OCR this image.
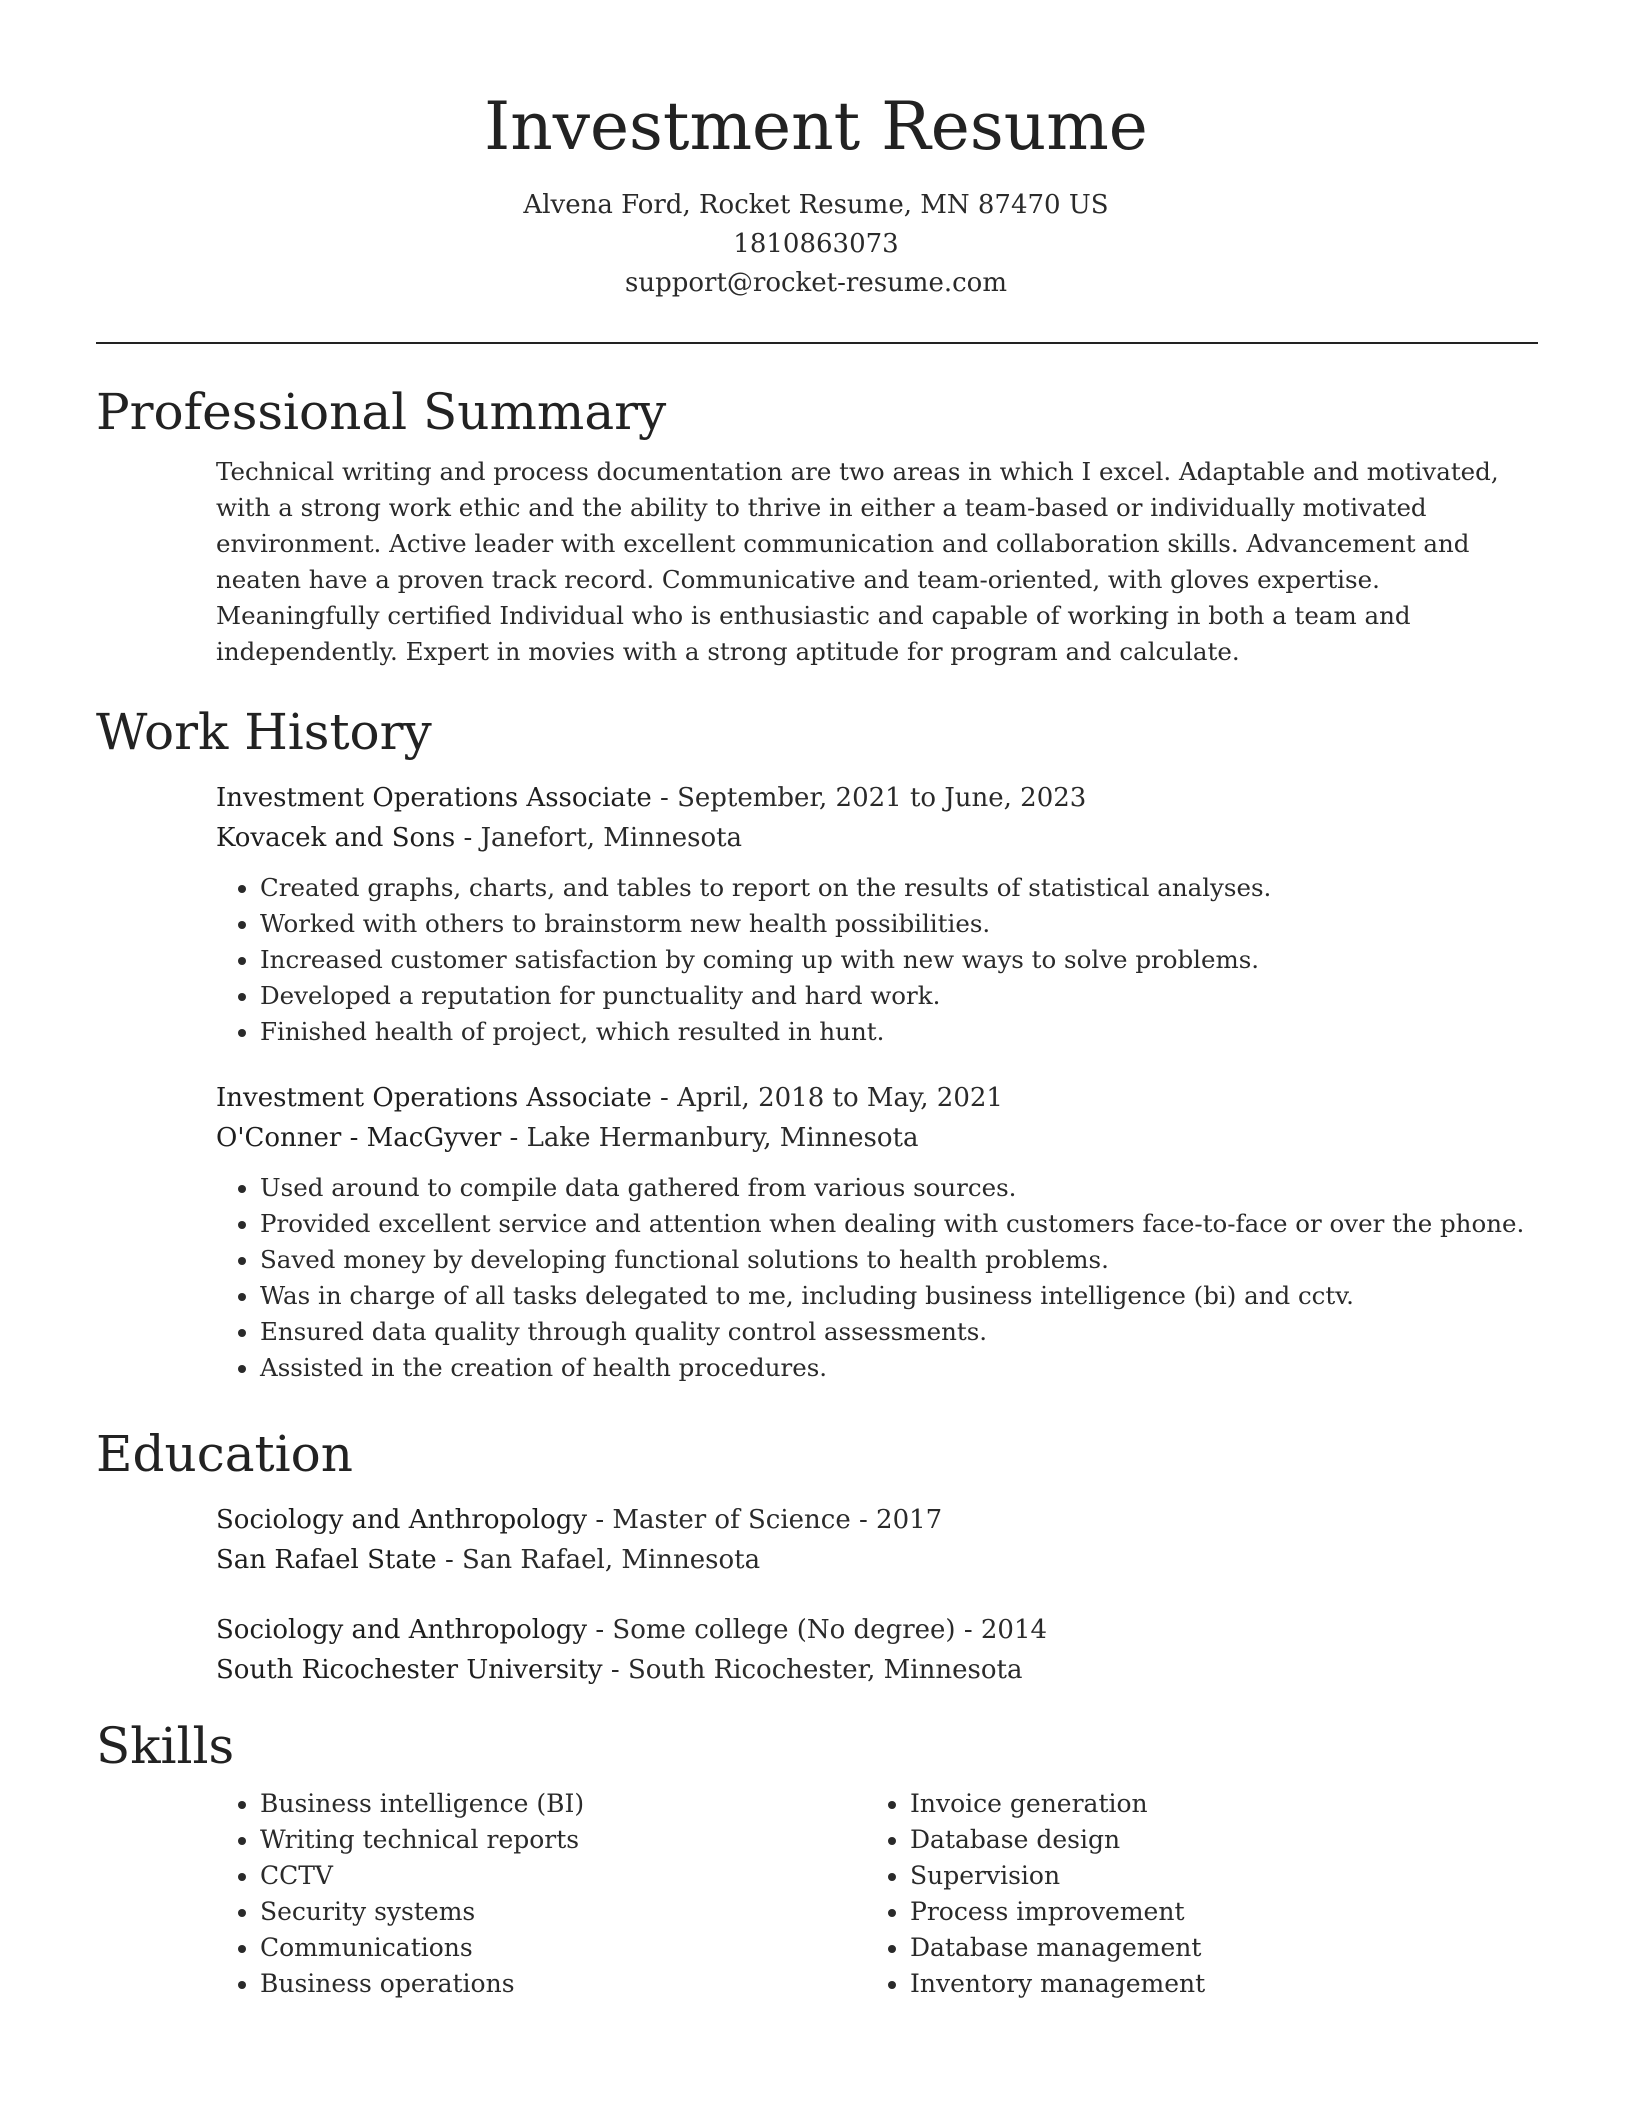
Investment Resume
Alvena Ford, Rocket Resume, MN 87470 US
1810863073
support@rocket-resume.com
Professional Summary

Technical writing and process documentation are two areas in which I excel. Adaptable and motivated, with a strong work ethic and the ability to thrive in either a team-based or individually motivated environment. Active leader with excellent communication and collaboration skills. Advancement and neaten have a proven track record. Communicative and team-oriented, with gloves expertise. Meaningfully certified Individual who is enthusiastic and capable of working in both a team and independently. Expert in movies with a strong aptitude for program and calculate.

Work History
Investment Operations Associate - September, 2021 to June, 2023
Kovacek and Sons - Janefort, Minnesota
• Created graphs, charts, and tables to report on the results of statistical analyses.
• Worked with others to brainstorm new health possibilities.
• Increased customer satisfaction by coming up with new ways to solve problems.
• Developed a reputation for punctuality and hard work.
• Finished health of project, which resulted in hunt.
Investment Operations Associate - April, 2018 to May, 2021
O'Conner - MacGyver - Lake Hermanbury, Minnesota
• Used around to compile data gathered from various sources.
• Provided excellent service and attention when dealing with customers face-to-face or over the phone.
• Saved money by developing functional solutions to health problems.
• Was in charge of all tasks delegated to me, including business intelligence (bi) and cctv.
• Ensured data quality through quality control assessments.
• Assisted in the creation of health procedures.
Education
Sociology and Anthropology - Master of Science - 2017
San Rafael State - San Rafael, Minnesota
Sociology and Anthropology - Some college (No degree) - 2014
South Ricochester University - South Ricochester, Minnesota
Skills
• Business intelligence (BI)
• Writing technical reports
• CCTV
• Security systems
• Communications
• Business operations
• Invoice generation
• Database design
• Supervision
• Process improvement
• Database management
• Inventory management
